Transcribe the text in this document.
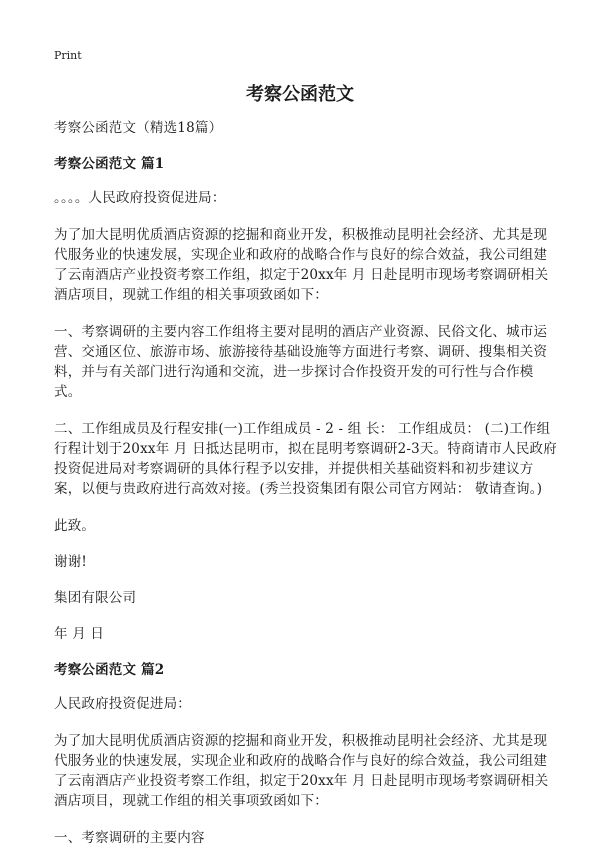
Print
考察公函范文

考察公函范文（精选18篇）

考察公函范文 篇1

。。。。人民政府投资促进局：

为了加大昆明优质酒店资源的挖掘和商业开发，积极推动昆明社会经济、尤其是现代服务业的快速发展，实现企业和政府的战略合作与良好的综合效益，我公司组建了云南酒店产业投资考察工作组，拟定于20xx年 月 日赴昆明市现场考察调研相关酒店项目，现就工作组的相关事项致函如下：

一、考察调研的主要内容工作组将主要对昆明的酒店产业资源、民俗文化、城市运营、交通区位、旅游市场、旅游接待基础设施等方面进行考察、调研、搜集相关资料，并与有关部门进行沟通和交流，进一步探讨合作投资开发的可行性与合作模式。

二、工作组成员及行程安排(一)工作组成员 - 2 - 组 长： 工作组成员： (二)工作组行程计划于20xx年 月 日抵达昆明市，拟在昆明考察调研2-3天。特商请市人民政府投资促进局对考察调研的具体行程予以安排，并提供相关基础资料和初步建议方案，以便与贵政府进行高效对接。(秀兰投资集团有限公司官方网站： 敬请查询。)

此致。

谢谢!

集团有限公司

年 月 日

考察公函范文 篇2

人民政府投资促进局：

为了加大昆明优质酒店资源的挖掘和商业开发，积极推动昆明社会经济、尤其是现代服务业的快速发展，实现企业和政府的战略合作与良好的综合效益，我公司组建了云南酒店产业投资考察工作组，拟定于20xx年 月 日赴昆明市现场考察调研相关酒店项目，现就工作组的相关事项致函如下：

一、考察调研的主要内容
